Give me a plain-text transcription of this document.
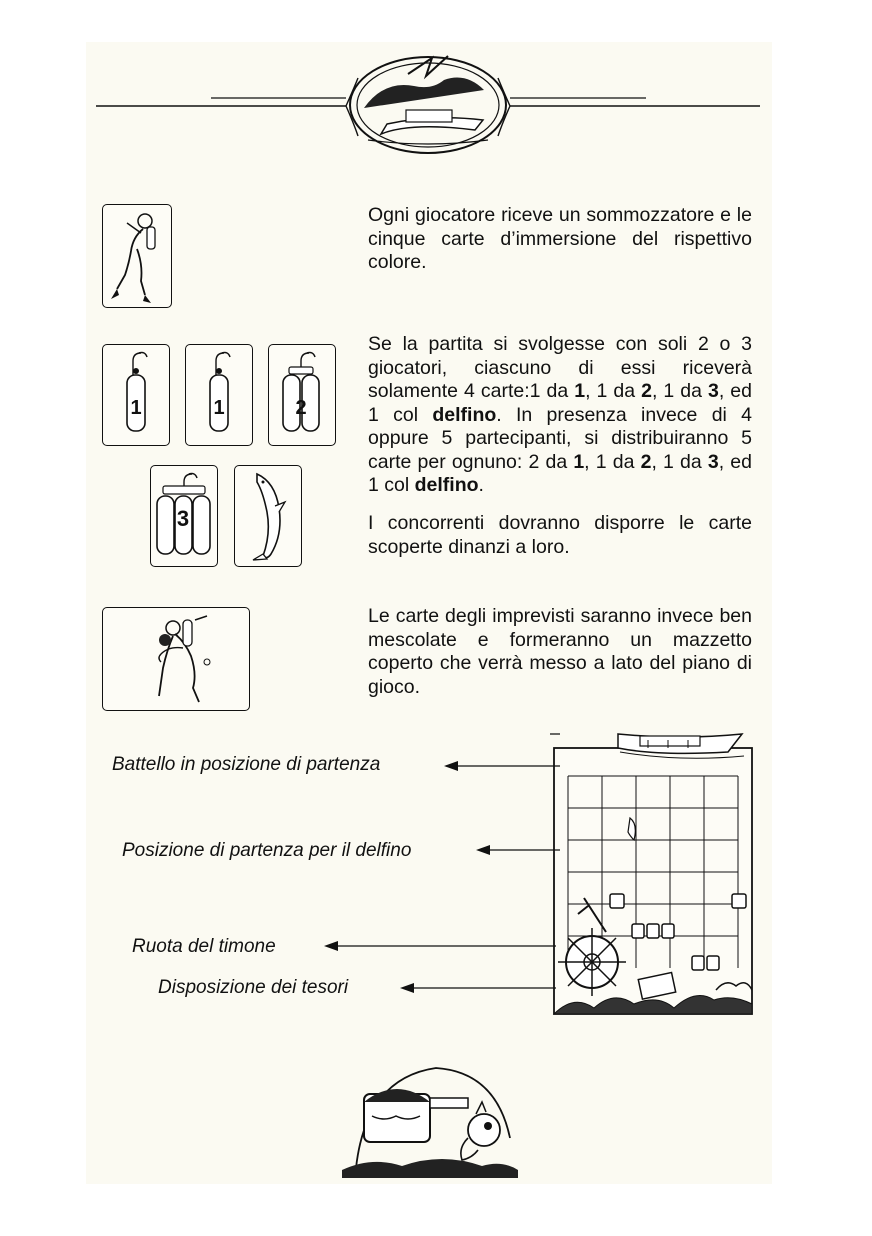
1	1	2
3

Ogni giocatore riceve un sommozzatore e le cinque carte d’immersione del rispettivo colore.

Se la partita si svolgesse con soli 2 o 3 giocatori, ciascuno di essi riceverà solamente 4 carte:1 da 1, 1 da 2, 1 da 3, ed 1 col delfino. In presenza invece di 4 oppure 5 partecipanti, si distribuiranno 5 carte per ognuno: 2 da 1, 1 da 2, 1 da 3, ed 1 col delfino.

I concorrenti dovranno disporre le carte scoperte dinanzi a loro.

Le carte degli imprevisti saranno invece ben mescolate e formeranno un mazzetto coperto che verrà messo a lato del piano di gioco.

Battello in posizione di partenza
Posizione di partenza per il delfino
Ruota del timone
Disposizione dei tesori
